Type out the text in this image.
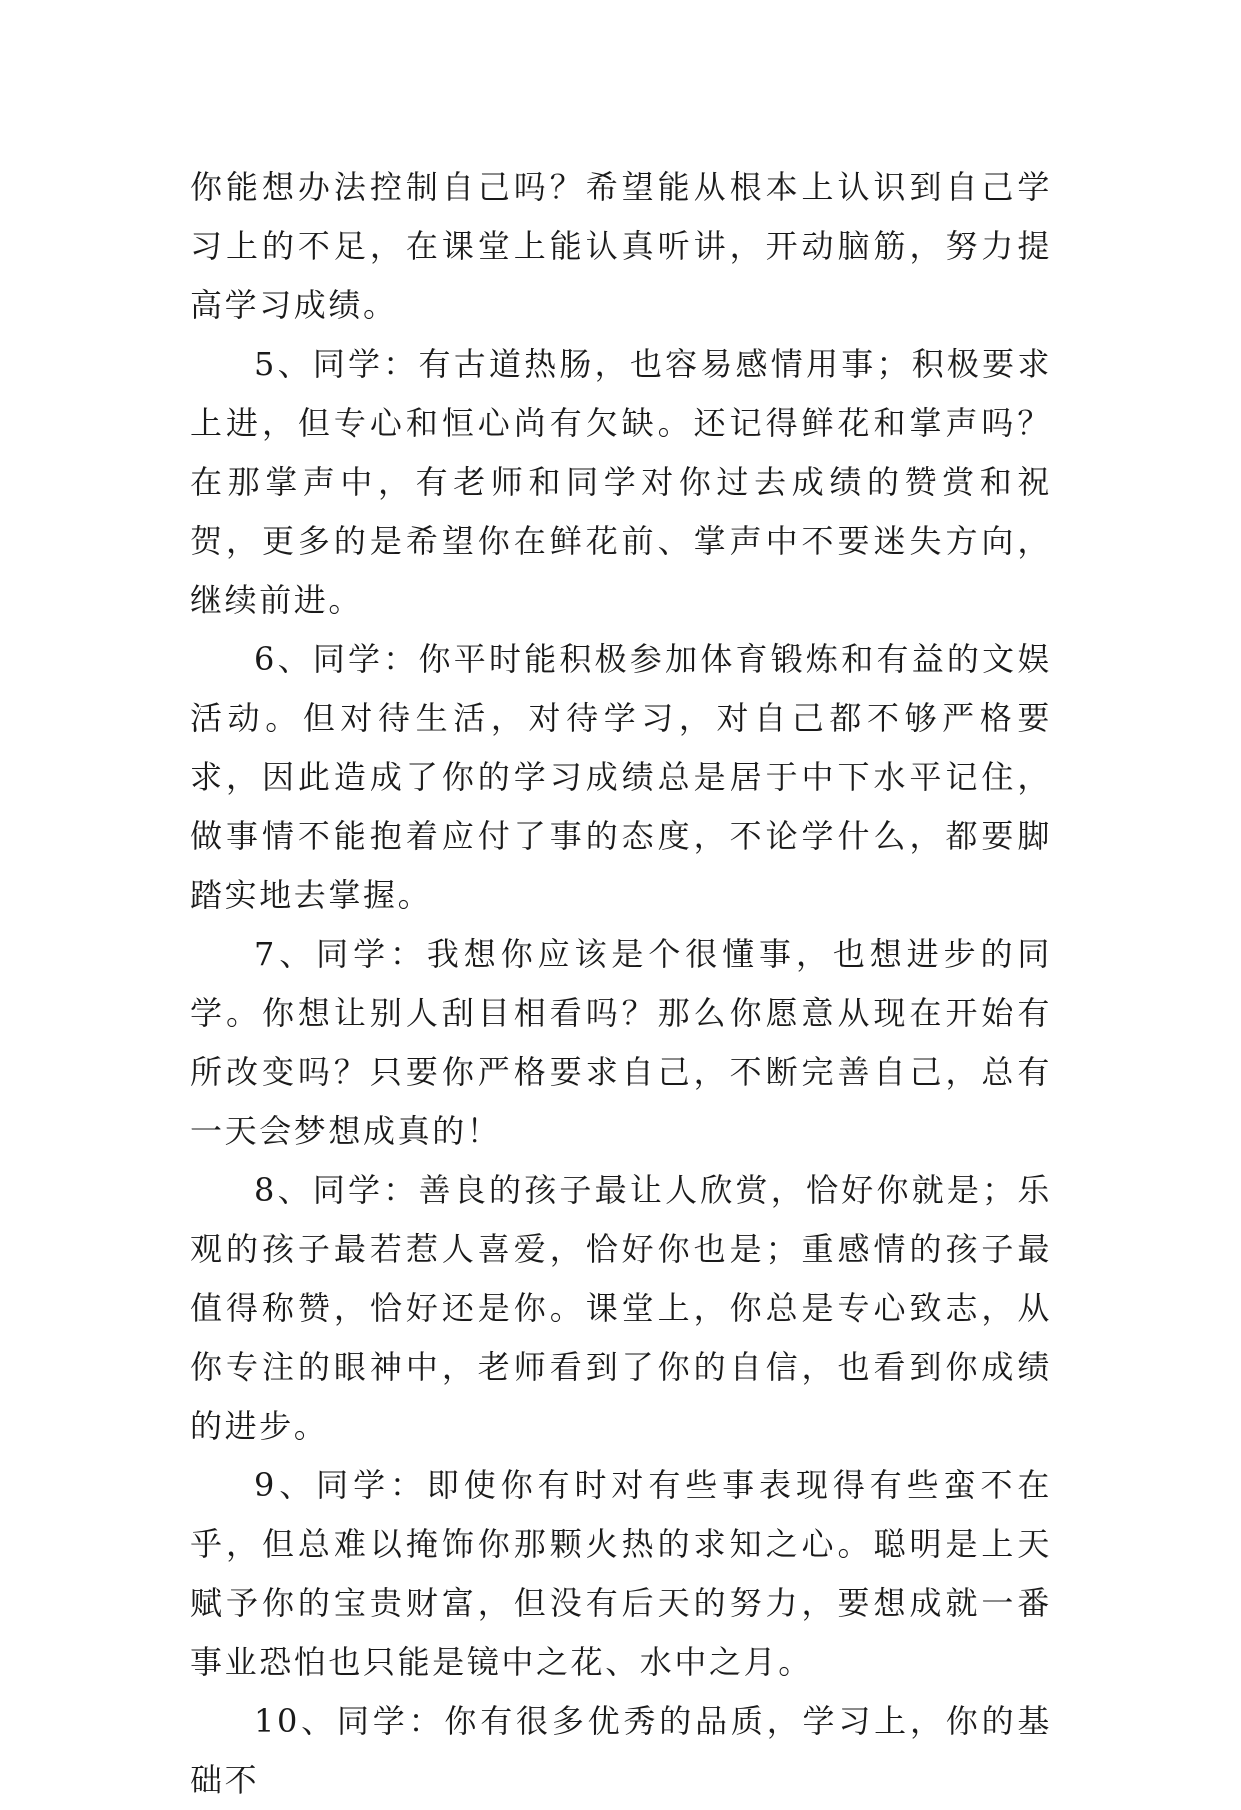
你能想办法控制自己吗？希望能从根本上认识到自己学习上的不足，在课堂上能认真听讲，开动脑筋，努力提高学习成绩。

5、同学：有古道热肠，也容易感情用事；积极要求上进，但专心和恒心尚有欠缺。还记得鲜花和掌声吗？在那掌声中，有老师和同学对你过去成绩的赞赏和祝贺，更多的是希望你在鲜花前、掌声中不要迷失方向，继续前进。

6、同学：你平时能积极参加体育锻炼和有益的文娱活动。但对待生活，对待学习，对自己都不够严格要求，因此造成了你的学习成绩总是居于中下水平记住，做事情不能抱着应付了事的态度，不论学什么，都要脚踏实地去掌握。

7、同学：我想你应该是个很懂事，也想进步的同学。你想让别人刮目相看吗？那么你愿意从现在开始有所改变吗？只要你严格要求自己，不断完善自己，总有一天会梦想成真的！

8、同学：善良的孩子最让人欣赏，恰好你就是；乐观的孩子最若惹人喜爱，恰好你也是；重感情的孩子最值得称赞，恰好还是你。课堂上，你总是专心致志，从你专注的眼神中，老师看到了你的自信，也看到你成绩的进步。

9、同学：即使你有时对有些事表现得有些蛮不在乎，但总难以掩饰你那颗火热的求知之心。聪明是上天赋予你的宝贵财富，但没有后天的努力，要想成就一番事业恐怕也只能是镜中之花、水中之月。

10、同学：你有很多优秀的品质，学习上，你的基础不
